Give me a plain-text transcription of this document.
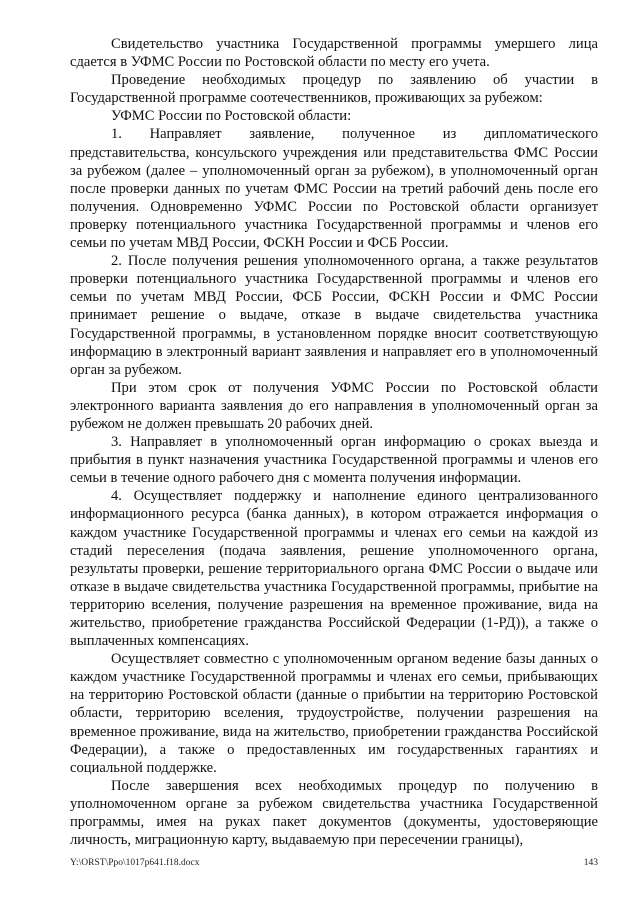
Свидетельство участника Государственной программы умершего лица сдается в УФМС России по Ростовской области по месту его учета.

Проведение необходимых процедур по заявлению об участии в Государственной программе соотечественников, проживающих за рубежом:

УФМС России по Ростовской области:

1. Направляет заявление, полученное из дипломатического представительства, консульского учреждения или представительства ФМС России за рубежом (далее – уполномоченный орган за рубежом), в уполномоченный орган после проверки данных по учетам ФМС России на третий рабочий день после его получения. Одновременно УФМС России по Ростовской области организует проверку потенциального участника Государственной программы и членов его семьи по учетам МВД России, ФСКН России и ФСБ России.

2. После получения решения уполномоченного органа, а также результатов проверки потенциального участника Государственной программы и членов его семьи по учетам МВД России, ФСБ России, ФСКН России и ФМС России принимает решение о выдаче, отказе в выдаче свидетельства участника Государственной программы, в установленном порядке вносит соответствующую информацию в электронный вариант заявления и направляет его в уполномоченный орган за рубежом.

При этом срок от получения УФМС России по Ростовской области электронного варианта заявления до его направления в уполномоченный орган за рубежом не должен превышать 20 рабочих дней.

3. Направляет в уполномоченный орган информацию о сроках выезда и прибытия в пункт назначения участника Государственной программы и членов его семьи в течение одного рабочего дня с момента получения информации.

4. Осуществляет поддержку и наполнение единого централизованного информационного ресурса (банка данных), в котором отражается информация о каждом участнике Государственной программы и членах его семьи на каждой из стадий переселения (подача заявления, решение уполномоченного органа, результаты проверки, решение территориального органа ФМС России о выдаче или отказе в выдаче свидетельства участника Государственной программы, прибытие на территорию вселения, получение разрешения на временное проживание, вида на жительство, приобретение гражданства Российской Федерации (1-РД)), а также о выплаченных компенсациях.

Осуществляет совместно с уполномоченным органом ведение базы данных о каждом участнике Государственной программы и членах его семьи, прибывающих на территорию Ростовской области (данные о прибытии на территорию Ростовской области, территорию вселения, трудоустройстве, получении разрешения на временное проживание, вида на жительство, приобретении гражданства Российской Федерации), а также о предоставленных им государственных гарантиях и социальной поддержке.

После завершения всех необходимых процедур по получению в уполномоченном органе за рубежом свидетельства участника Государственной программы, имея на руках пакет документов (документы, удостоверяющие личность, миграционную карту, выдаваемую при пересечении границы),

Y:\ORST\Ppo\1017p641.f18.docx	143
